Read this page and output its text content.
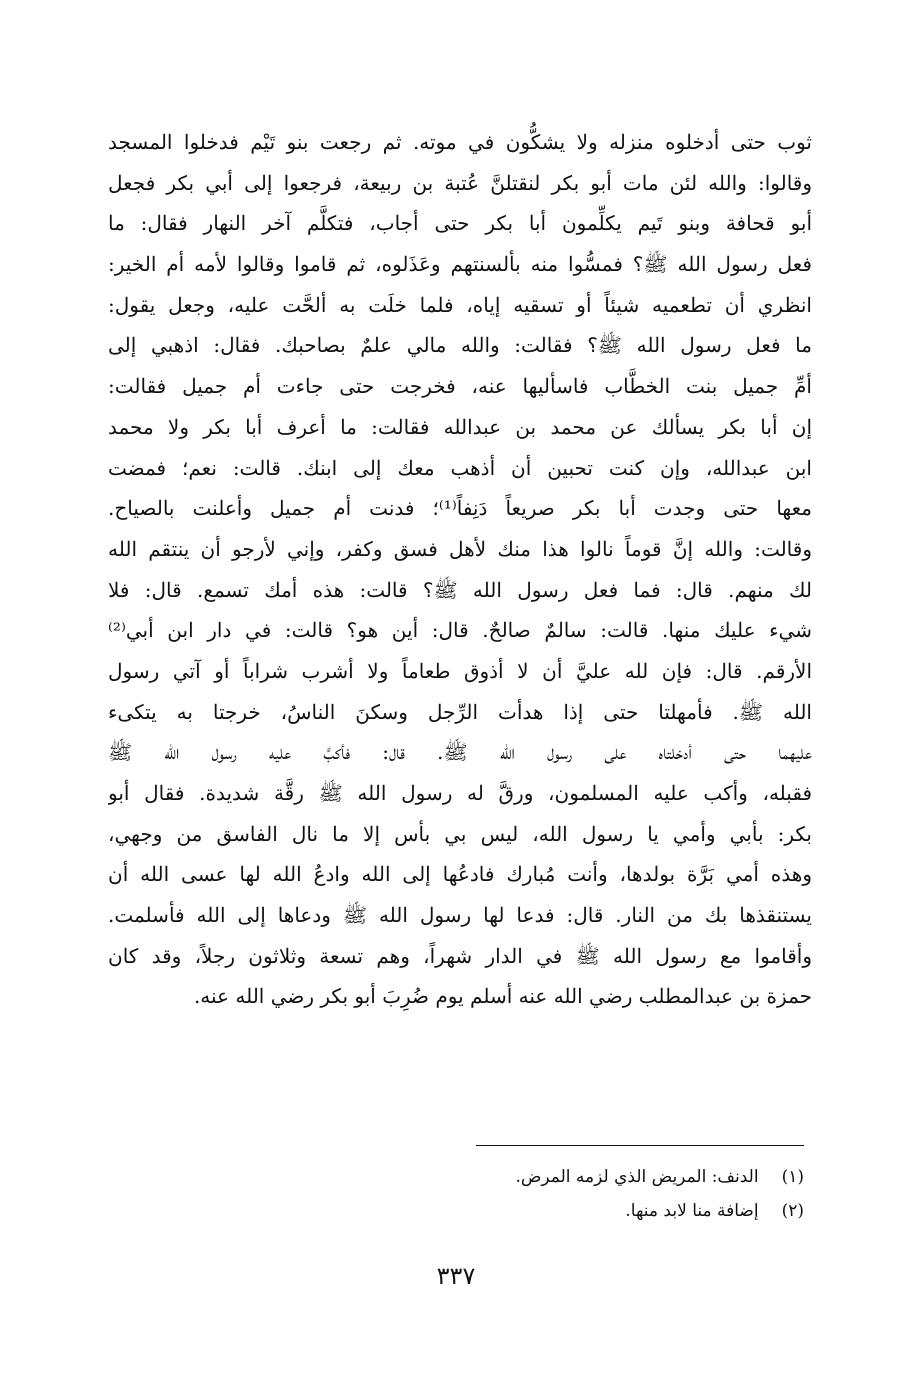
ثوب حتى أدخلوه منزله ولا يشكُّون في موته. ثم رجعت بنو تَيْم فدخلوا المسجد
وقالوا: والله لئن مات أبو بكر لنقتلنَّ عُتبة بن ربيعة، فرجعوا إلى أبي بكر فجعل
أبو قحافة وبنو تَيم يكلِّمون أبا بكر حتى أجاب، فتكلَّم آخر النهار فقال: ما
فعل رسول الله ﷺ؟ فمسُّوا منه بألسنتهم وعَذَلوه، ثم قاموا وقالوا لأمه أم الخير:
انظري أن تطعميه شيئاً أو تسقيه إياه، فلما خلَت به ألحَّت عليه، وجعل يقول:
ما فعل رسول الله ﷺ؟ فقالت: والله مالي علمٌ بصاحبك. فقال: اذهبي إلى
أمِّ جميل بنت الخطَّاب فاسأليها عنه، فخرجت حتى جاءت أم جميل فقالت:
إن أبا بكر يسألك عن محمد بن عبدالله فقالت: ما أعرف أبا بكر ولا محمد
ابن عبدالله، وإن كنت تحبين أن أذهب معك إلى ابنك. قالت: نعم؛ فمضت
معها حتى وجدت أبا بكر صريعاً دَنِفاً⁽¹⁾؛ فدنت أم جميل وأعلنت بالصياح.
وقالت: والله إنَّ قوماً نالوا هذا منك لأهل فسق وكفر، وإني لأرجو أن ينتقم الله
لك منهم. قال: فما فعل رسول الله ﷺ؟ قالت: هذه أمك تسمع. قال: فلا
شيء عليك منها. قالت: سالمٌ صالحٌ. قال: أين هو؟ قالت: في دار ابن أبي⁽²⁾
الأرقم. قال: فإن لله عليَّ أن لا أذوق طعاماً ولا أشرب شراباً أو آتي رسول
الله ﷺ. فأمهلتا حتى إذا هدأت الرِّجل وسكنَ الناسُ، خرجتا به يتكىء
عليهما حتى أدخلتاه على رسول الله ﷺ. قال: فأكبَّ عليه رسول الله ﷺ
فقبله، وأكب عليه المسلمون، ورقَّ له رسول الله ﷺ رقَّة شديدة. فقال أبو
بكر: بأبي وأمي يا رسول الله، ليس بي بأس إلا ما نال الفاسق من وجهي،
وهذه أمي بَرَّة بولدها، وأنت مُبارك فادعُها إلى الله وادعُ الله لها عسى الله أن
يستنقذها بك من النار. قال: فدعا لها رسول الله ﷺ ودعاها إلى الله فأسلمت.
وأقاموا مع رسول الله ﷺ في الدار شهراً، وهم تسعة وثلاثون رجلاً، وقد كان
حمزة بن عبدالمطلب رضي الله عنه أسلم يوم ضُرِبَ أبو بكر رضي الله عنه.
(١) الدنف: المريض الذي لزمه المرض.
(٢) إضافة منا لابد منها.
٣٣٧
